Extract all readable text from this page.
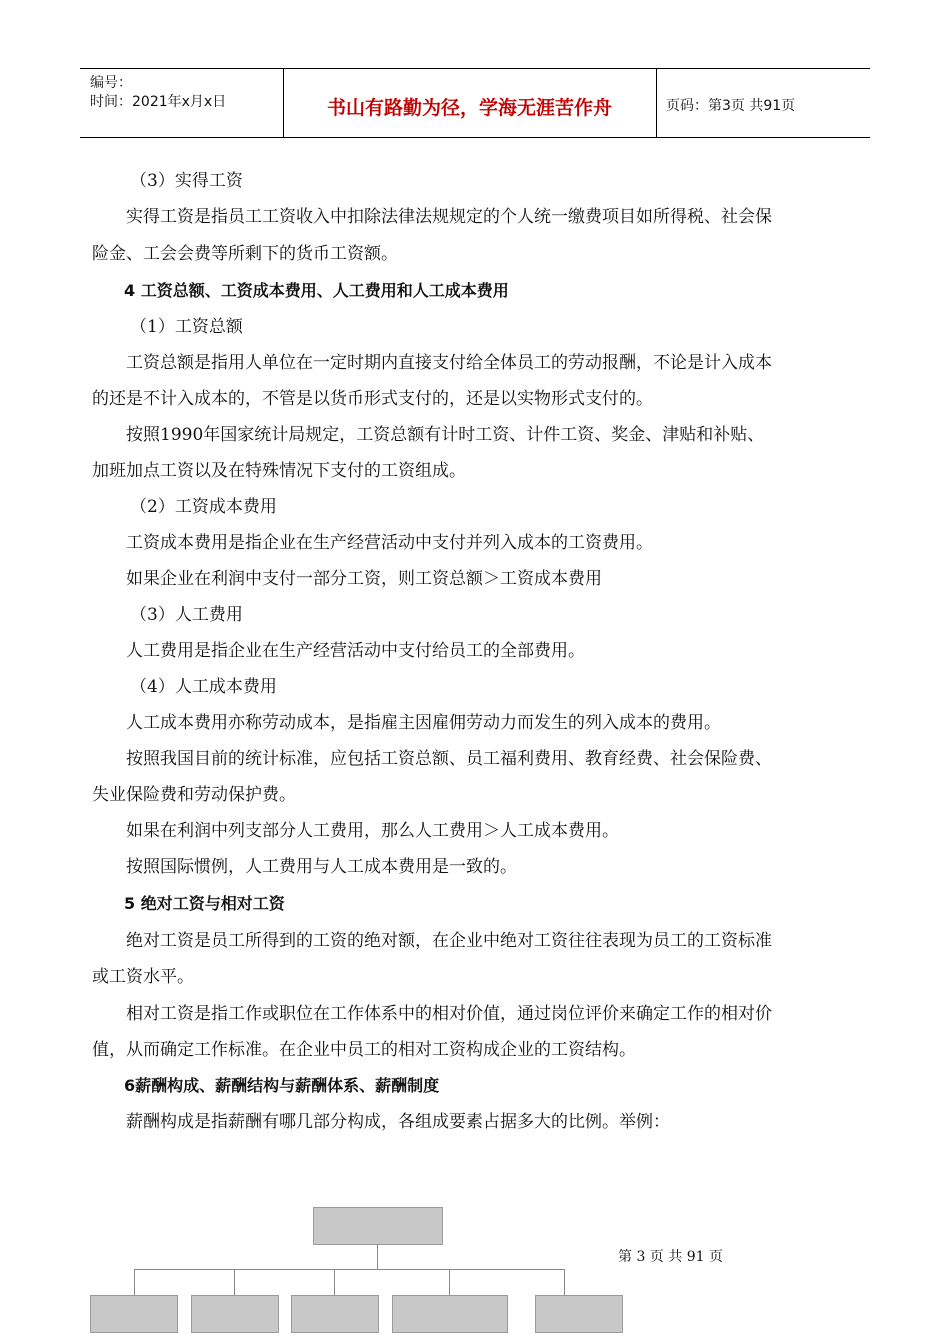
编号：
时间：2021年x月x日	书山有路勤为径，学海无涯苦作舟	页码：第3页 共91页
（3）实得工资
实得工资是指员工工资收入中扣除法律法规规定的个人统一缴费项目如所得税、社会保
险金、工会会费等所剩下的货币工资额。
4 工资总额、工资成本费用、人工费用和人工成本费用
（1）工资总额
工资总额是指用人单位在一定时期内直接支付给全体员工的劳动报酬，不论是计入成本
的还是不计入成本的，不管是以货币形式支付的，还是以实物形式支付的。
按照1990年国家统计局规定，工资总额有计时工资、计件工资、奖金、津贴和补贴、
加班加点工资以及在特殊情况下支付的工资组成。
（2）工资成本费用
工资成本费用是指企业在生产经营活动中支付并列入成本的工资费用。
如果企业在利润中支付一部分工资，则工资总额＞工资成本费用
（3）人工费用
人工费用是指企业在生产经营活动中支付给员工的全部费用。
（4）人工成本费用
人工成本费用亦称劳动成本，是指雇主因雇佣劳动力而发生的列入成本的费用。
按照我国目前的统计标准，应包括工资总额、员工福利费用、教育经费、社会保险费、
失业保险费和劳动保护费。
如果在利润中列支部分人工费用，那么人工费用＞人工成本费用。
按照国际惯例，人工费用与人工成本费用是一致的。
5 绝对工资与相对工资
绝对工资是员工所得到的工资的绝对额，在企业中绝对工资往往表现为员工的工资标准
或工资水平。
相对工资是指工作或职位在工作体系中的相对价值，通过岗位评价来确定工作的相对价
值，从而确定工作标准。在企业中员工的相对工资构成企业的工资结构。
6薪酬构成、薪酬结构与薪酬体系、薪酬制度
薪酬构成是指薪酬有哪几部分构成，各组成要素占据多大的比例。举例：
第 3 页 共 91 页
